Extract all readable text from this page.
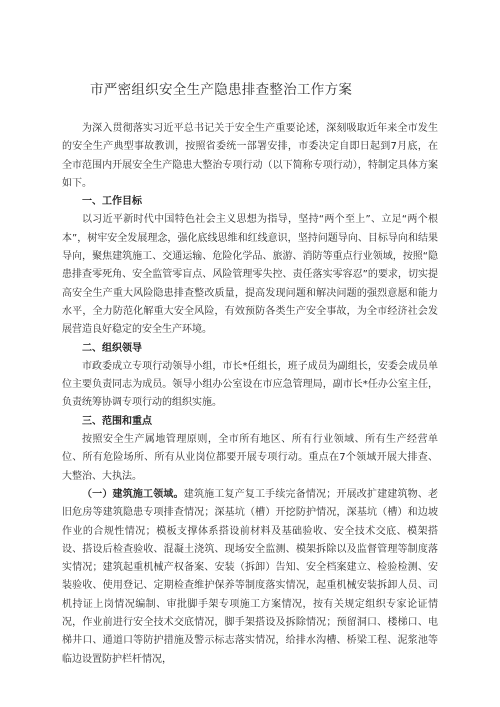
市严密组织安全生产隐患排查整治工作方案

为深入贯彻落实习近平总书记关于安全生产重要论述，深刻吸取近年来全市发生的安全生产典型事故教训，按照省委统一部署安排，市委决定自即日起到7月底，在全市范围内开展安全生产隐患大整治专项行动（以下简称专项行动），特制定具体方案如下。

一、工作目标

以习近平新时代中国特色社会主义思想为指导，坚持“两个至上”、立足“两个根本”，树牢安全发展理念，强化底线思维和红线意识，坚持问题导向、目标导向和结果导向，聚焦建筑施工、交通运输、危险化学品、旅游、消防等重点行业领域，按照“隐患排查零死角、安全监管零盲点、风险管理零失控、责任落实零容忍”的要求，切实提高安全生产重大风险隐患排查整改质量，提高发现问题和解决问题的强烈意愿和能力水平，全力防范化解重大安全风险，有效预防各类生产安全事故，为全市经济社会发展营造良好稳定的安全生产环境。

二、组织领导

市政委成立专项行动领导小组，市长*任组长，班子成员为副组长，安委会成员单位主要负责同志为成员。领导小组办公室设在市应急管理局，副市长*任办公室主任，负责统筹协调专项行动的组织实施。

三、范围和重点

按照安全生产属地管理原则，全市所有地区、所有行业领域、所有生产经营单位、所有危险场所、所有从业岗位都要开展专项行动。重点在7个领域开展大排查、大整治、大执法。

（一）建筑施工领域。建筑施工复产复工手续完备情况；开展改扩建建筑物、老旧危房等建筑隐患专项排查情况；深基坑（槽）开挖防护情况，深基坑（槽）和边坡作业的合规性情况；模板支撑体系搭设前材料及基础验收、安全技术交底、模架搭设、搭设后检查验收、混凝土浇筑、现场安全监测、模架拆除以及监督管理等制度落实情况；建筑起重机械产权备案、安装（拆卸）告知、安全档案建立、检验检测、安装验收、使用登记、定期检查维护保养等制度落实情况，起重机械安装拆卸人员、司机持证上岗情况编制、审批脚手架专项施工方案情况，按有关规定组织专家论证情况，作业前进行安全技术交底情况，脚手架搭设及拆除情况；预留洞口、楼梯口、电梯井口、通道口等防护措施及警示标志落实情况，给排水沟槽、桥梁工程、泥浆池等临边设置防护栏杆情况，
